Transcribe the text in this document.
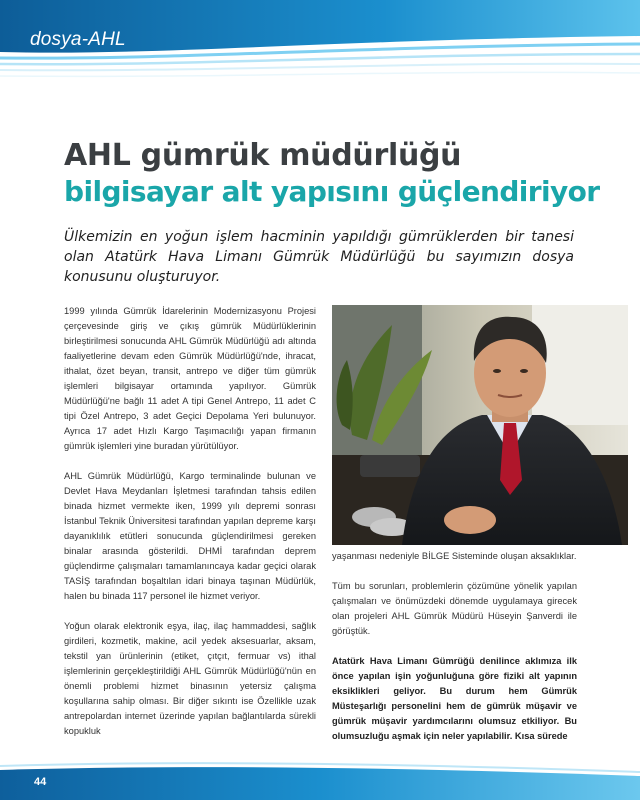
dosya-AHL
AHL gümrük müdürlüğü
bilgisayar alt yapısını güçlendiriyor
Ülkemizin en yoğun işlem hacminin yapıldığı gümrüklerden bir tanesi olan Atatürk Hava Limanı Gümrük Müdürlüğü bu sayımızın dosya konusunu oluşturuyor.

1999 yılında Gümrük İdarelerinin Modernizasyonu Projesi çerçevesinde giriş ve çıkış gümrük Müdürlüklerinin birleştirilmesi sonucunda AHL Gümrük Müdürlüğü adı altında faaliyetlerine devam eden Gümrük Müdürlüğü'nde, ihracat, ithalat, özet beyan, transit, antrepo ve diğer tüm gümrük işlemleri bilgisayar ortamında yapılıyor. Gümrük Müdürlüğü'ne bağlı 11 adet A tipi Genel Antrepo, 11 adet C tipi Özel Antrepo, 3 adet Geçici Depolama Yeri bulunuyor. Ayrıca 17 adet Hızlı Kargo Taşımacılığı yapan firmanın gümrük işlemleri yine buradan yürütülüyor.

AHL Gümrük Müdürlüğü, Kargo terminalinde bulunan ve Devlet Hava Meydanları İşletmesi tarafından tahsis edilen binada hizmet vermekte iken, 1999 yılı depremi sonrası İstanbul Teknik Üniversitesi tarafından yapılan depreme karşı dayanıklılık etütleri sonucunda güçlendirilmesi gereken binalar arasında gösterildi. DHMİ tarafından deprem güçlendirme çalışmaları tamamlanıncaya kadar geçici olarak TASİŞ tarafından boşaltılan idari binaya taşınan Müdürlük, halen bu binada 117 personel ile hizmet veriyor.

Yoğun olarak elektronik eşya, ilaç, ilaç hammaddesi, sağlık girdileri, kozmetik, makine, acil yedek aksesuarlar, aksam, tekstil yan ürünlerinin (etiket, çıtçıt, fermuar vs) ithal işlemlerinin gerçekleştirildiği AHL Gümrük Müdürlüğü'nün en önemli problemi hizmet binasının yetersiz çalışma koşullarına sahip olması. Bir diğer sıkıntı ise Özellikle uzak antrepolardan internet üzerinde yapılan bağlantılarda sürekli kopukluk

yaşanması nedeniyle BİLGE Sisteminde oluşan aksaklıklar.

Tüm bu sorunları, problemlerin çözümüne yönelik yapılan çalışmaları ve önümüzdeki dönemde uygulamaya girecek olan projeleri AHL Gümrük Müdürü Hüseyin Şanverdi ile görüştük.

Atatürk Hava Limanı Gümrüğü denilince aklımıza ilk önce yapılan işin yoğunluğuna göre fiziki alt yapının eksiklikleri geliyor. Bu durum hem Gümrük Müsteşarlığı personelini hem de gümrük müşavir ve gümrük müşavir yardımcılarını olumsuz etkiliyor. Bu olumsuzluğu aşmak için neler yapılabilir. Kısa sürede

44
